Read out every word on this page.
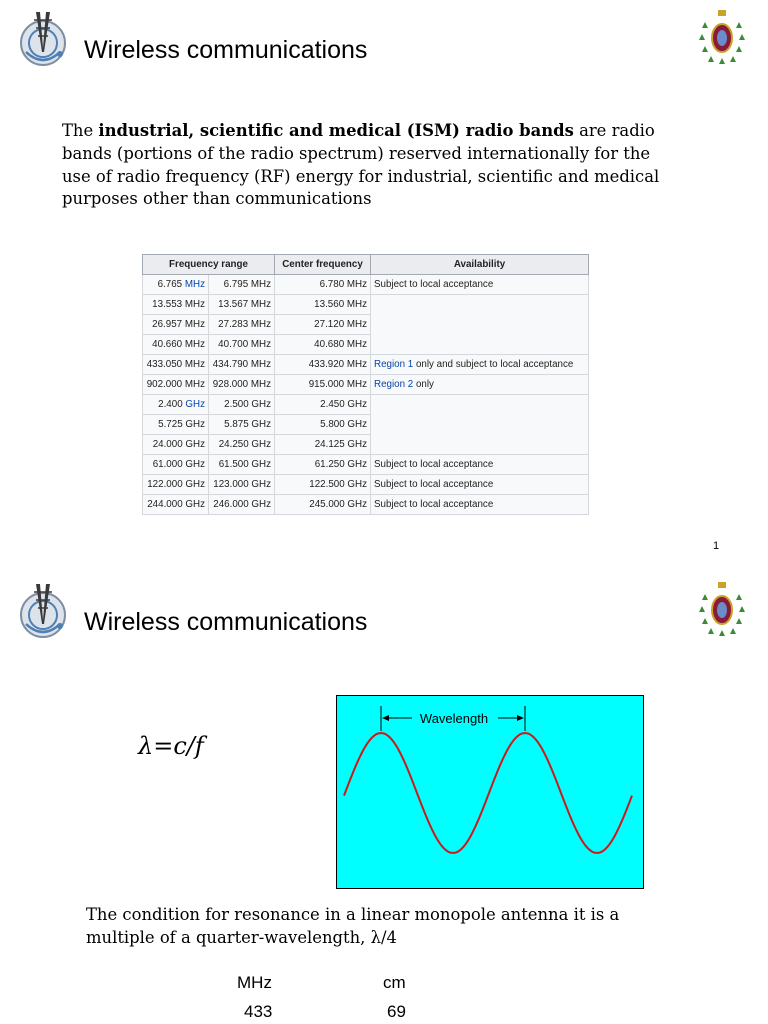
Wireless communications
The industrial, scientific and medical (ISM) radio bands are radio bands (portions of the radio spectrum) reserved internationally for the use of radio frequency (RF) energy for industrial, scientific and medical purposes other than communications
Frequency range		Center frequency	Availability
6.765 MHz	6.795 MHz	6.780 MHz	Subject to local acceptance
13.553 MHz	13.567 MHz	13.560 MHz	
26.957 MHz	27.283 MHz	27.120 MHz	
40.660 MHz	40.700 MHz	40.680 MHz	
433.050 MHz	434.790 MHz	433.920 MHz	Region 1 only and subject to local acceptance
902.000 MHz	928.000 MHz	915.000 MHz	Region 2 only
2.400 GHz	2.500 GHz	2.450 GHz	
5.725 GHz	5.875 GHz	5.800 GHz	
24.000 GHz	24.250 GHz	24.125 GHz	
61.000 GHz	61.500 GHz	61.250 GHz	Subject to local acceptance
122.000 GHz	123.000 GHz	122.500 GHz	Subject to local acceptance
244.000 GHz	246.000 GHz	245.000 GHz	Subject to local acceptance
1
Wireless communications
λ=c/f
Wavelength
The condition for resonance in a linear monopole antenna it is a multiple of a quarter-wavelength, λ/4
MHz	cm
433	69
